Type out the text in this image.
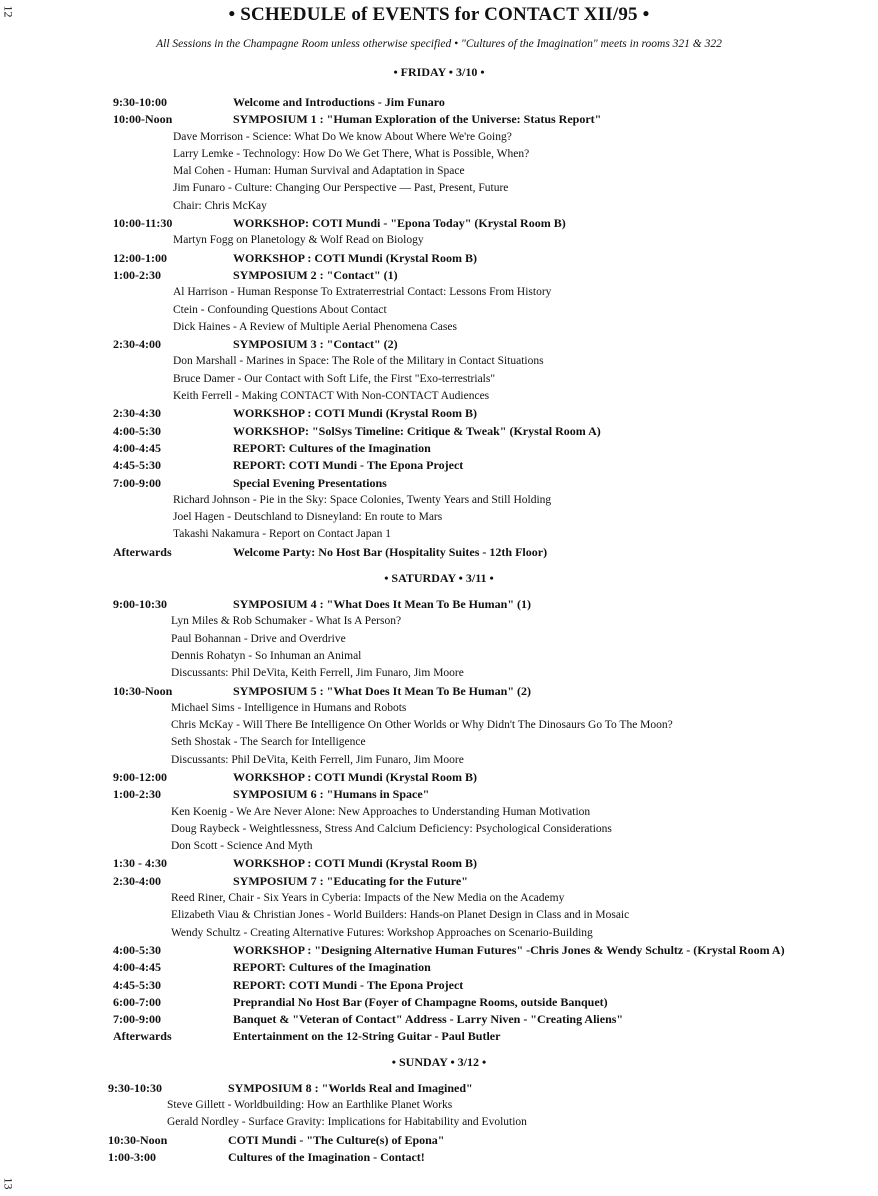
12	• SCHEDULE of EVENTS for CONTACT XII/95 •
All Sessions in the Champagne Room unless otherwise specified • "Cultures of the Imagination" meets in rooms 321 & 322
• FRIDAY • 3/10 •
9:30-10:00	Welcome and Introductions - Jim Funaro
10:00-Noon	SYMPOSIUM 1 : "Human Exploration of the Universe: Status Report"
Dave Morrison - Science: What Do We know About Where We're Going?
Larry Lemke - Technology: How Do We Get There, What is Possible, When?
Mal Cohen - Human: Human Survival and Adaptation in Space
Jim Funaro - Culture: Changing Our Perspective — Past, Present, Future
Chair: Chris McKay
10:00-11:30	WORKSHOP: COTI Mundi - "Epona Today" (Krystal Room B)
Martyn Fogg on Planetology & Wolf Read on Biology
12:00-1:00	WORKSHOP : COTI Mundi (Krystal Room B)
1:00-2:30	SYMPOSIUM 2 : "Contact" (1)
Al Harrison - Human Response To Extraterrestrial Contact: Lessons From History
Ctein - Confounding Questions About Contact
Dick Haines - A Review of Multiple Aerial Phenomena Cases
2:30-4:00	SYMPOSIUM 3 : "Contact" (2)
Don Marshall - Marines in Space: The Role of the Military in Contact Situations
Bruce Damer - Our Contact with Soft Life, the First "Exo-terrestrials"
Keith Ferrell - Making CONTACT With Non-CONTACT Audiences
2:30-4:30	WORKSHOP : COTI Mundi (Krystal Room B)
4:00-5:30	WORKSHOP: "SolSys Timeline: Critique & Tweak" (Krystal Room A)
4:00-4:45	REPORT: Cultures of the Imagination
4:45-5:30	REPORT: COTI Mundi - The Epona Project
7:00-9:00	Special Evening Presentations
Richard Johnson - Pie in the Sky: Space Colonies, Twenty Years and Still Holding
Joel Hagen - Deutschland to Disneyland: En route to Mars
Takashi Nakamura - Report on Contact Japan 1
Afterwards	Welcome Party: No Host Bar (Hospitality Suites - 12th Floor)
• SATURDAY • 3/11 •
9:00-10:30	SYMPOSIUM 4 : "What Does It Mean To Be Human" (1)
Lyn Miles & Rob Schumaker - What Is A Person?
Paul Bohannan - Drive and Overdrive
Dennis Rohatyn - So Inhuman an Animal
Discussants: Phil DeVita, Keith Ferrell, Jim Funaro, Jim Moore
10:30-Noon	SYMPOSIUM 5 : "What Does It Mean To Be Human" (2)
Michael Sims - Intelligence in Humans and Robots
Chris McKay - Will There Be Intelligence On Other Worlds or Why Didn't The Dinosaurs Go To The Moon?
Seth Shostak - The Search for Intelligence
Discussants: Phil DeVita, Keith Ferrell, Jim Funaro, Jim Moore
9:00-12:00	WORKSHOP : COTI Mundi (Krystal Room B)
1:00-2:30	SYMPOSIUM 6 : "Humans in Space"
Ken Koenig - We Are Never Alone: New Approaches to Understanding Human Motivation
Doug Raybeck - Weightlessness, Stress And Calcium Deficiency: Psychological Considerations
Don Scott - Science And Myth
1:30 - 4:30	WORKSHOP : COTI Mundi (Krystal Room B)
2:30-4:00	SYMPOSIUM 7 : "Educating for the Future"
Reed Riner, Chair - Six Years in Cyberia: Impacts of the New Media on the Academy
Elizabeth Viau & Christian Jones - World Builders: Hands-on Planet Design in Class and in Mosaic
Wendy Schultz - Creating Alternative Futures: Workshop Approaches on Scenario-Building
4:00-5:30	WORKSHOP : "Designing Alternative Human Futures" -Chris Jones & Wendy Schultz - (Krystal Room A)
4:00-4:45	REPORT: Cultures of the Imagination
4:45-5:30	REPORT: COTI Mundi - The Epona Project
6:00-7:00	Preprandial No Host Bar (Foyer of Champagne Rooms, outside Banquet)
7:00-9:00	Banquet & "Veteran of Contact" Address - Larry Niven - "Creating Aliens"
Afterwards	Entertainment on the 12-String Guitar - Paul Butler
• SUNDAY • 3/12 •
9:30-10:30	SYMPOSIUM 8 : "Worlds Real and Imagined"
Steve Gillett - Worldbuilding: How an Earthlike Planet Works
Gerald Nordley - Surface Gravity: Implications for Habitability and Evolution
10:30-Noon	COTI Mundi - "The Culture(s) of Epona"
1:00-3:00	Cultures of the Imagination - Contact!
13
